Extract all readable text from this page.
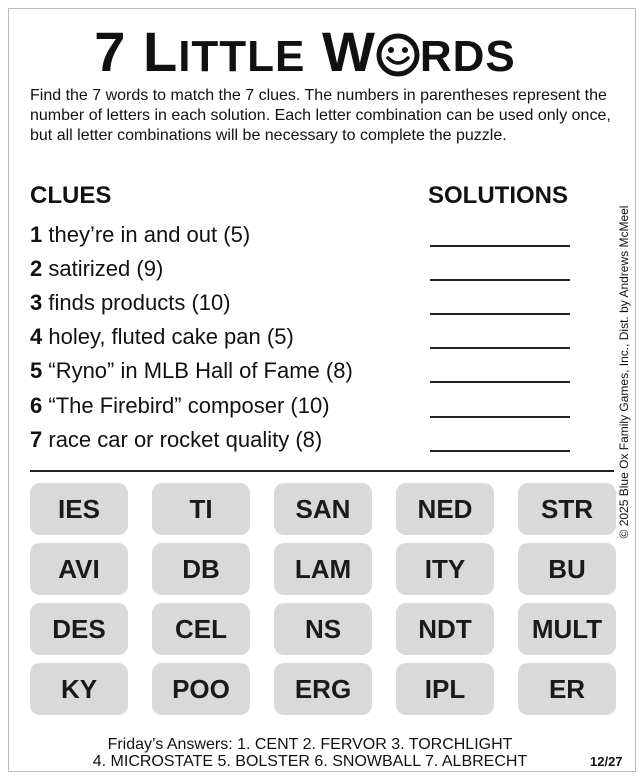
7 LITTLE W RDS
Find the 7 words to match the 7 clues. The numbers in parentheses represent the number of letters in each solution. Each letter combination can be used only once, but all letter combinations will be necessary to complete the puzzle.
© 2025 Blue Ox Family Games, Inc., Dist. by Andrews McMeel
CLUES	SOLUTIONS
1 they’re in and out (5)
2 satirized (9)
3 finds products (10)
4 holey, fluted cake pan (5)
5 “Ryno” in MLB Hall of Fame (8)
6 “The Firebird” composer (10)
7 race car or rocket quality (8)
IES	TI	SAN	NED	STR
AVI	DB	LAM	ITY	BU
DES	CEL	NS	NDT	MULT
KY	POO	ERG	IPL	ER
Friday’s Answers: 1. CENT 2. FERVOR 3. TORCHLIGHT
4. MICROSTATE 5. BOLSTER 6. SNOWBALL 7. ALBRECHT	12/27
